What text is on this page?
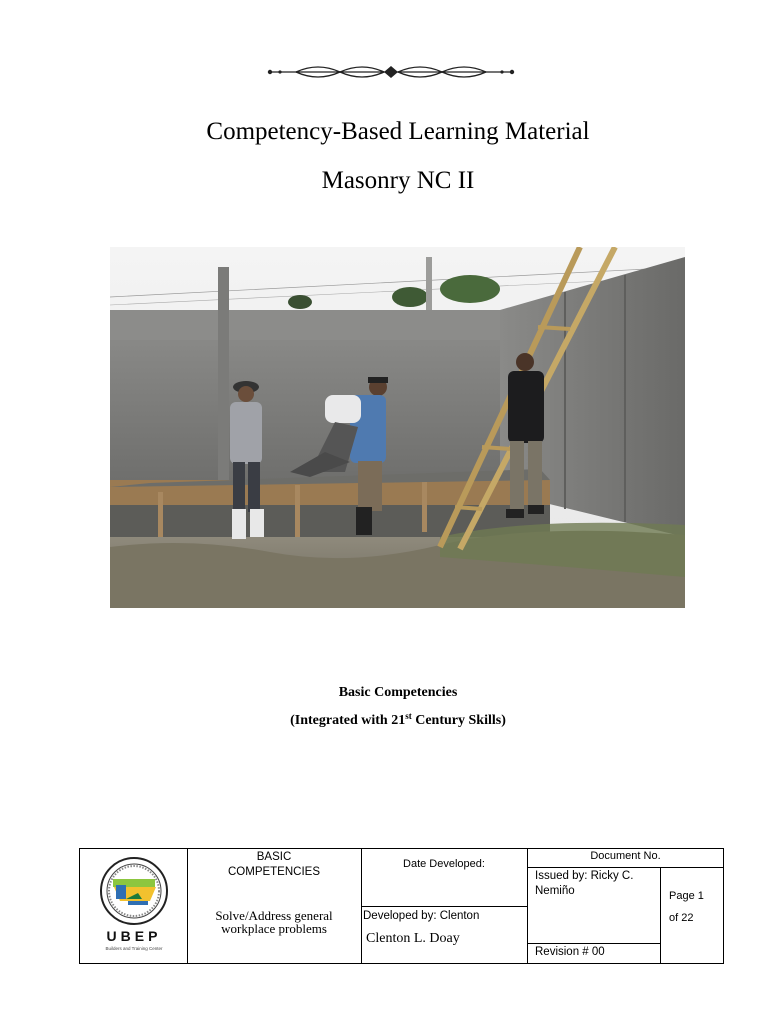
Competency-Based Learning Material
Masonry NC II
Basic Competencies
(Integrated with 21st Century Skills)
UBEP
Builders and Training Center
BASIC
COMPETENCIES
Solve/Address general
workplace problems
Date Developed:
Developed by: Clenton
Clenton L. Doay
Document No.
Issued by: Ricky C.
Nemiño
Revision # 00
Page 1
of 22
